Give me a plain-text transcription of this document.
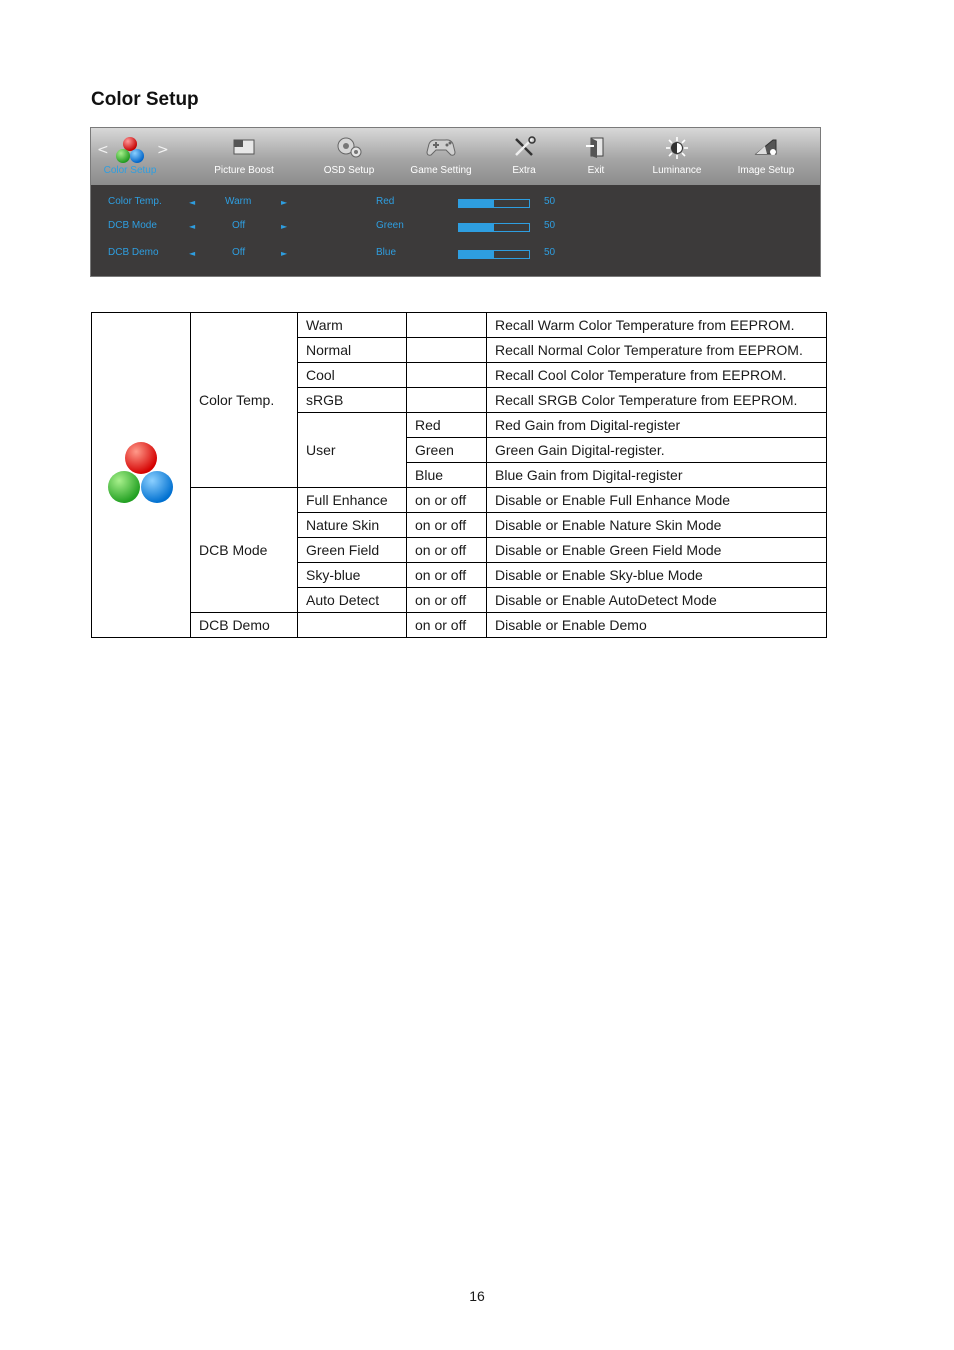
Color Setup
<	>
Color Setup	Picture Boost	OSD Setup	Game Setting	Extra	Exit	Luminance	Image Setup
Color Temp.	◄	Warm	►	Red	50
DCB Mode	◄	Off	►	Green	50
DCB Demo	◄	Off	►	Blue	50
	Color Temp.	Warm		Recall Warm Color Temperature from EEPROM.
		Normal		Recall Normal Color Temperature from EEPROM.
		Cool		Recall Cool Color Temperature from EEPROM.
		sRGB		Recall SRGB Color Temperature from EEPROM.
		User	Red	Red Gain from Digital-register
			Green	Green Gain Digital-register.
			Blue	Blue Gain from Digital-register
	DCB Mode	Full Enhance	on or off	Disable or Enable Full Enhance Mode
		Nature Skin	on or off	Disable or Enable Nature Skin Mode
		Green Field	on or off	Disable or Enable Green Field Mode
		Sky-blue	on or off	Disable or Enable Sky-blue Mode
		Auto Detect	on or off	Disable or Enable AutoDetect Mode
	DCB Demo		on or off	Disable or Enable Demo
16
